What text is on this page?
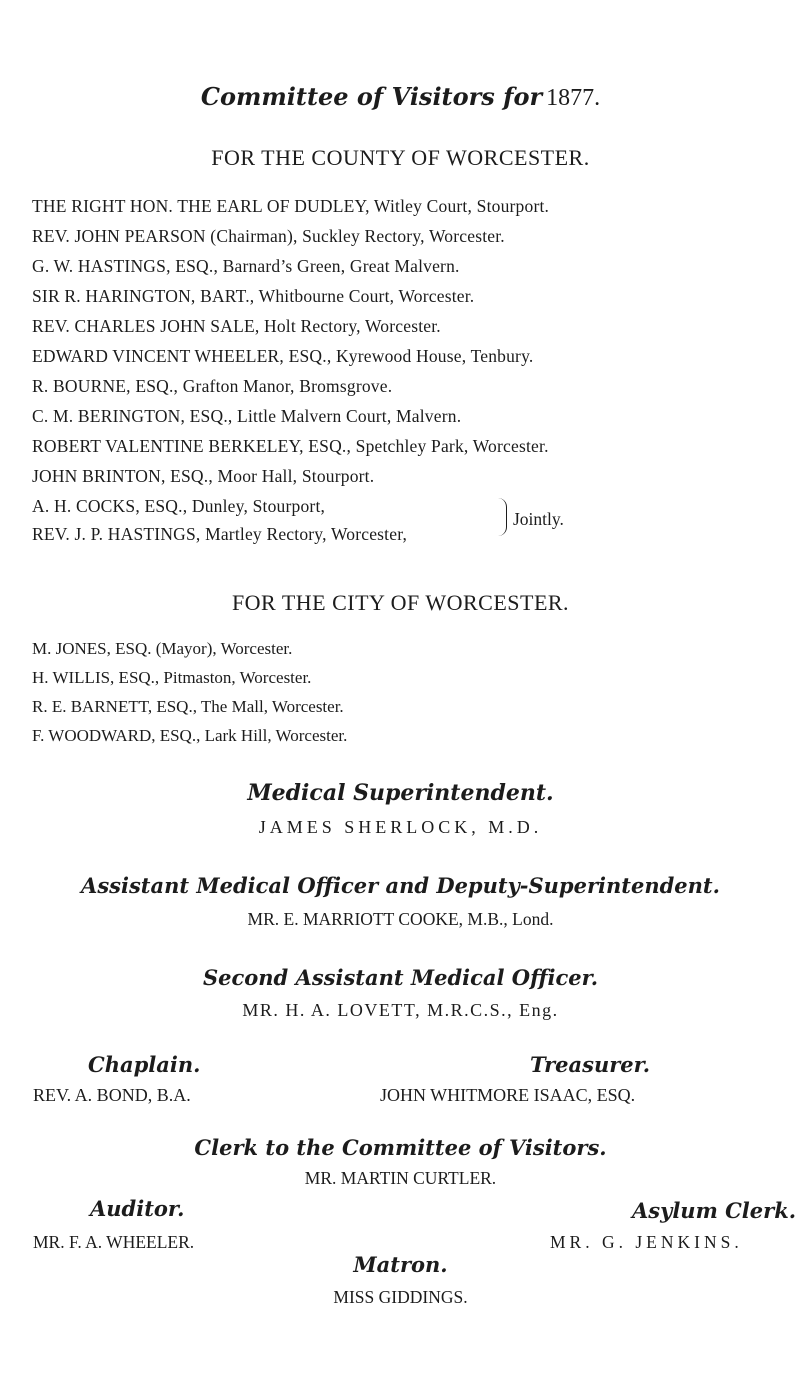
Committee of Visitors for 1877.
FOR THE COUNTY OF WORCESTER.
THE RIGHT HON. THE EARL OF DUDLEY, Witley Court, Stourport.
REV. JOHN PEARSON (Chairman), Suckley Rectory, Worcester.
G. W. HASTINGS, ESQ., Barnard’s Green, Great Malvern.
SIR R. HARINGTON, BART., Whitbourne Court, Worcester.
REV. CHARLES JOHN SALE, Holt Rectory, Worcester.
EDWARD VINCENT WHEELER, ESQ., Kyrewood House, Tenbury.
R. BOURNE, ESQ., Grafton Manor, Bromsgrove.
C. M. BERINGTON, ESQ., Little Malvern Court, Malvern.
ROBERT VALENTINE BERKELEY, ESQ., Spetchley Park, Worcester.
JOHN BRINTON, ESQ., Moor Hall, Stourport.
A. H. COCKS, ESQ., Dunley, Stourport,
REV. J. P. HASTINGS, Martley Rectory, Worcester,
Jointly.
FOR THE CITY OF WORCESTER.
M. JONES, ESQ. (Mayor), Worcester.
H. WILLIS, ESQ., Pitmaston, Worcester.
R. E. BARNETT, ESQ., The Mall, Worcester.
F. WOODWARD, ESQ., Lark Hill, Worcester.
Medical Superintendent.
JAMES SHERLOCK, M.D.
Assistant Medical Officer and Deputy-Superintendent.
MR. E. MARRIOTT COOKE, M.B., Lond.
Second Assistant Medical Officer.
MR. H. A. LOVETT, M.R.C.S., Eng.
Chaplain.
REV. A. BOND, B.A.
Treasurer.
JOHN WHITMORE ISAAC, ESQ.
Clerk to the Committee of Visitors.
MR. MARTIN CURTLER.
Auditor.
MR. F. A. WHEELER.
Asylum Clerk.
MR. G. JENKINS.
Matron.
MISS GIDDINGS.
